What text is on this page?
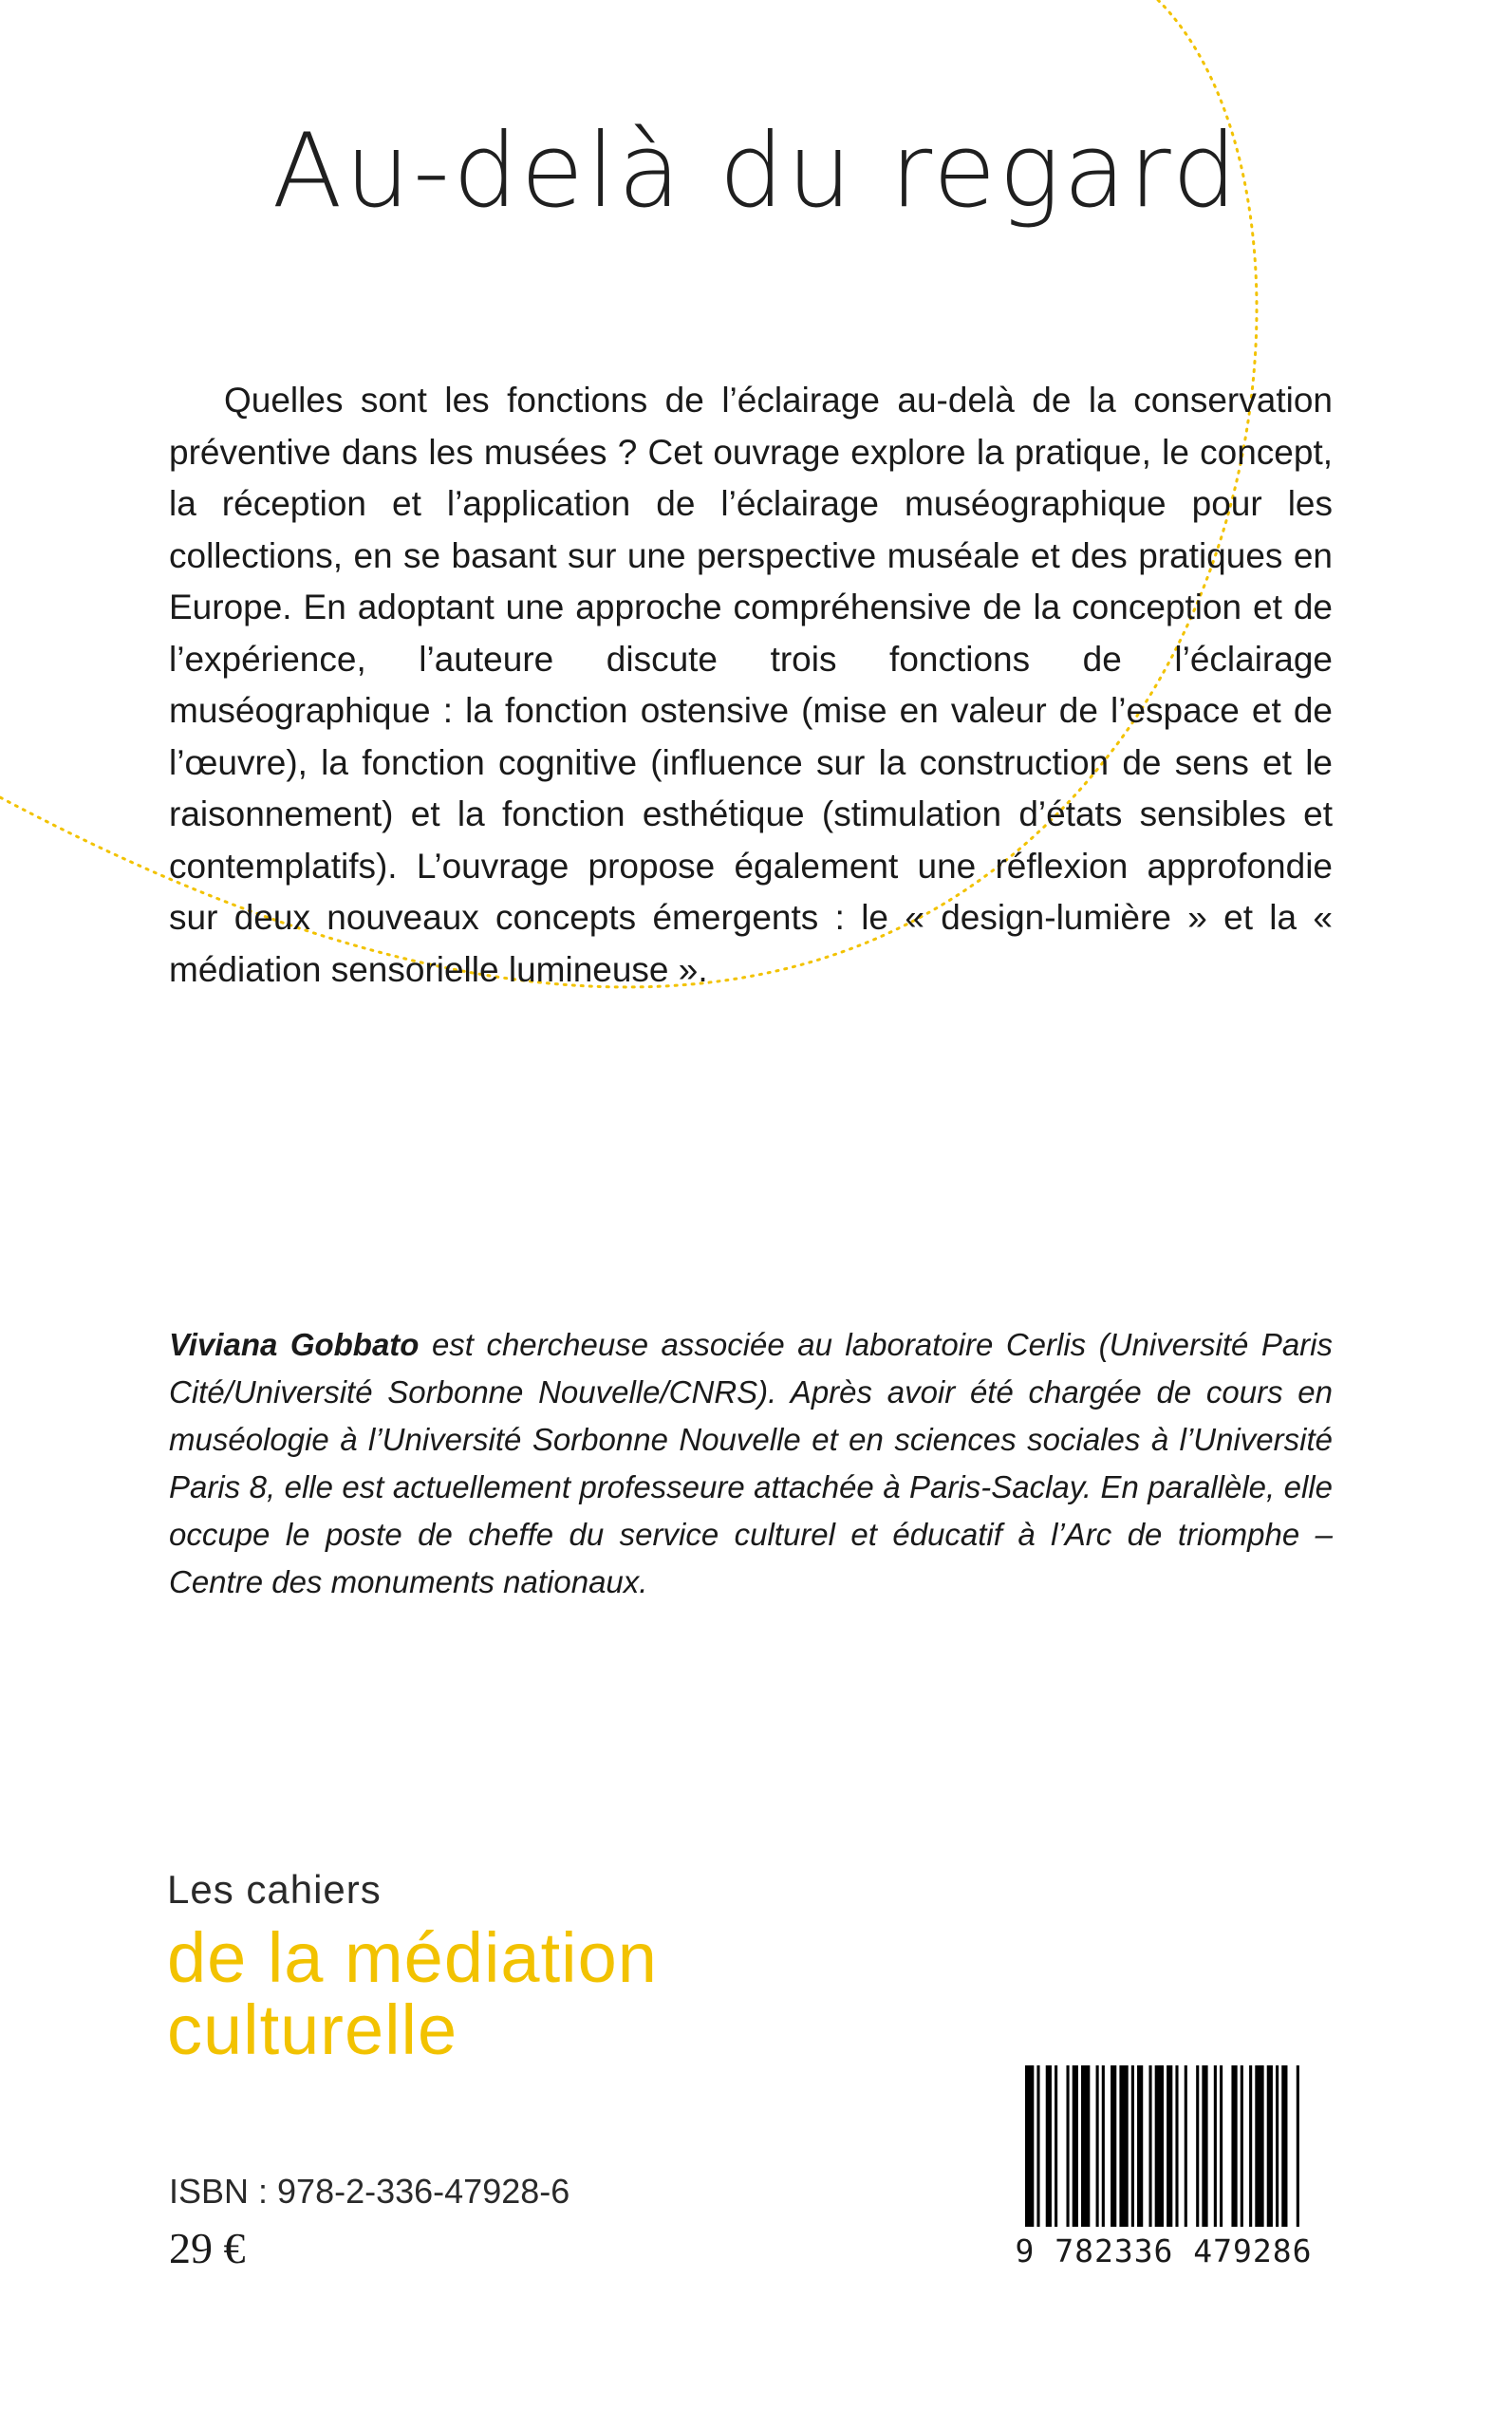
Au-delà du regard

Quelles sont les fonctions de l’éclairage au-delà de la conservation préventive dans les musées ? Cet ouvrage explore la pratique, le concept, la réception et l’application de l’éclairage muséographique pour les collections, en se basant sur une perspective muséale et des pratiques en Europe. En adoptant une approche compréhensive de la conception et de l’expérience, l’auteure discute trois fonctions de l’éclairage muséographique : la fonction ostensive (mise en valeur de l’espace et de l’œuvre), la fonction cognitive (influence sur la construction de sens et le raisonnement) et la fonction esthétique (stimulation d’états sensibles et contemplatifs). L’ouvrage propose également une réflexion approfondie sur deux nouveaux concepts émergents : le « design-lumière » et la « médiation sensorielle lumineuse ».

Viviana Gobbato est chercheuse associée au laboratoire Cerlis (Université Paris Cité/Université Sorbonne Nouvelle/CNRS). Après avoir été chargée de cours en muséologie à l’Université Sorbonne Nouvelle et en sciences sociales à l’Université Paris 8, elle est actuellement professeure attachée à Paris-Saclay. En parallèle, elle occupe le poste de cheffe du service culturel et éducatif à l’Arc de triomphe – Centre des monuments nationaux.

Les cahiers
de la médiation
culturelle
ISBN : 978-2-336-47928-6
29 €	9 782336 479286
